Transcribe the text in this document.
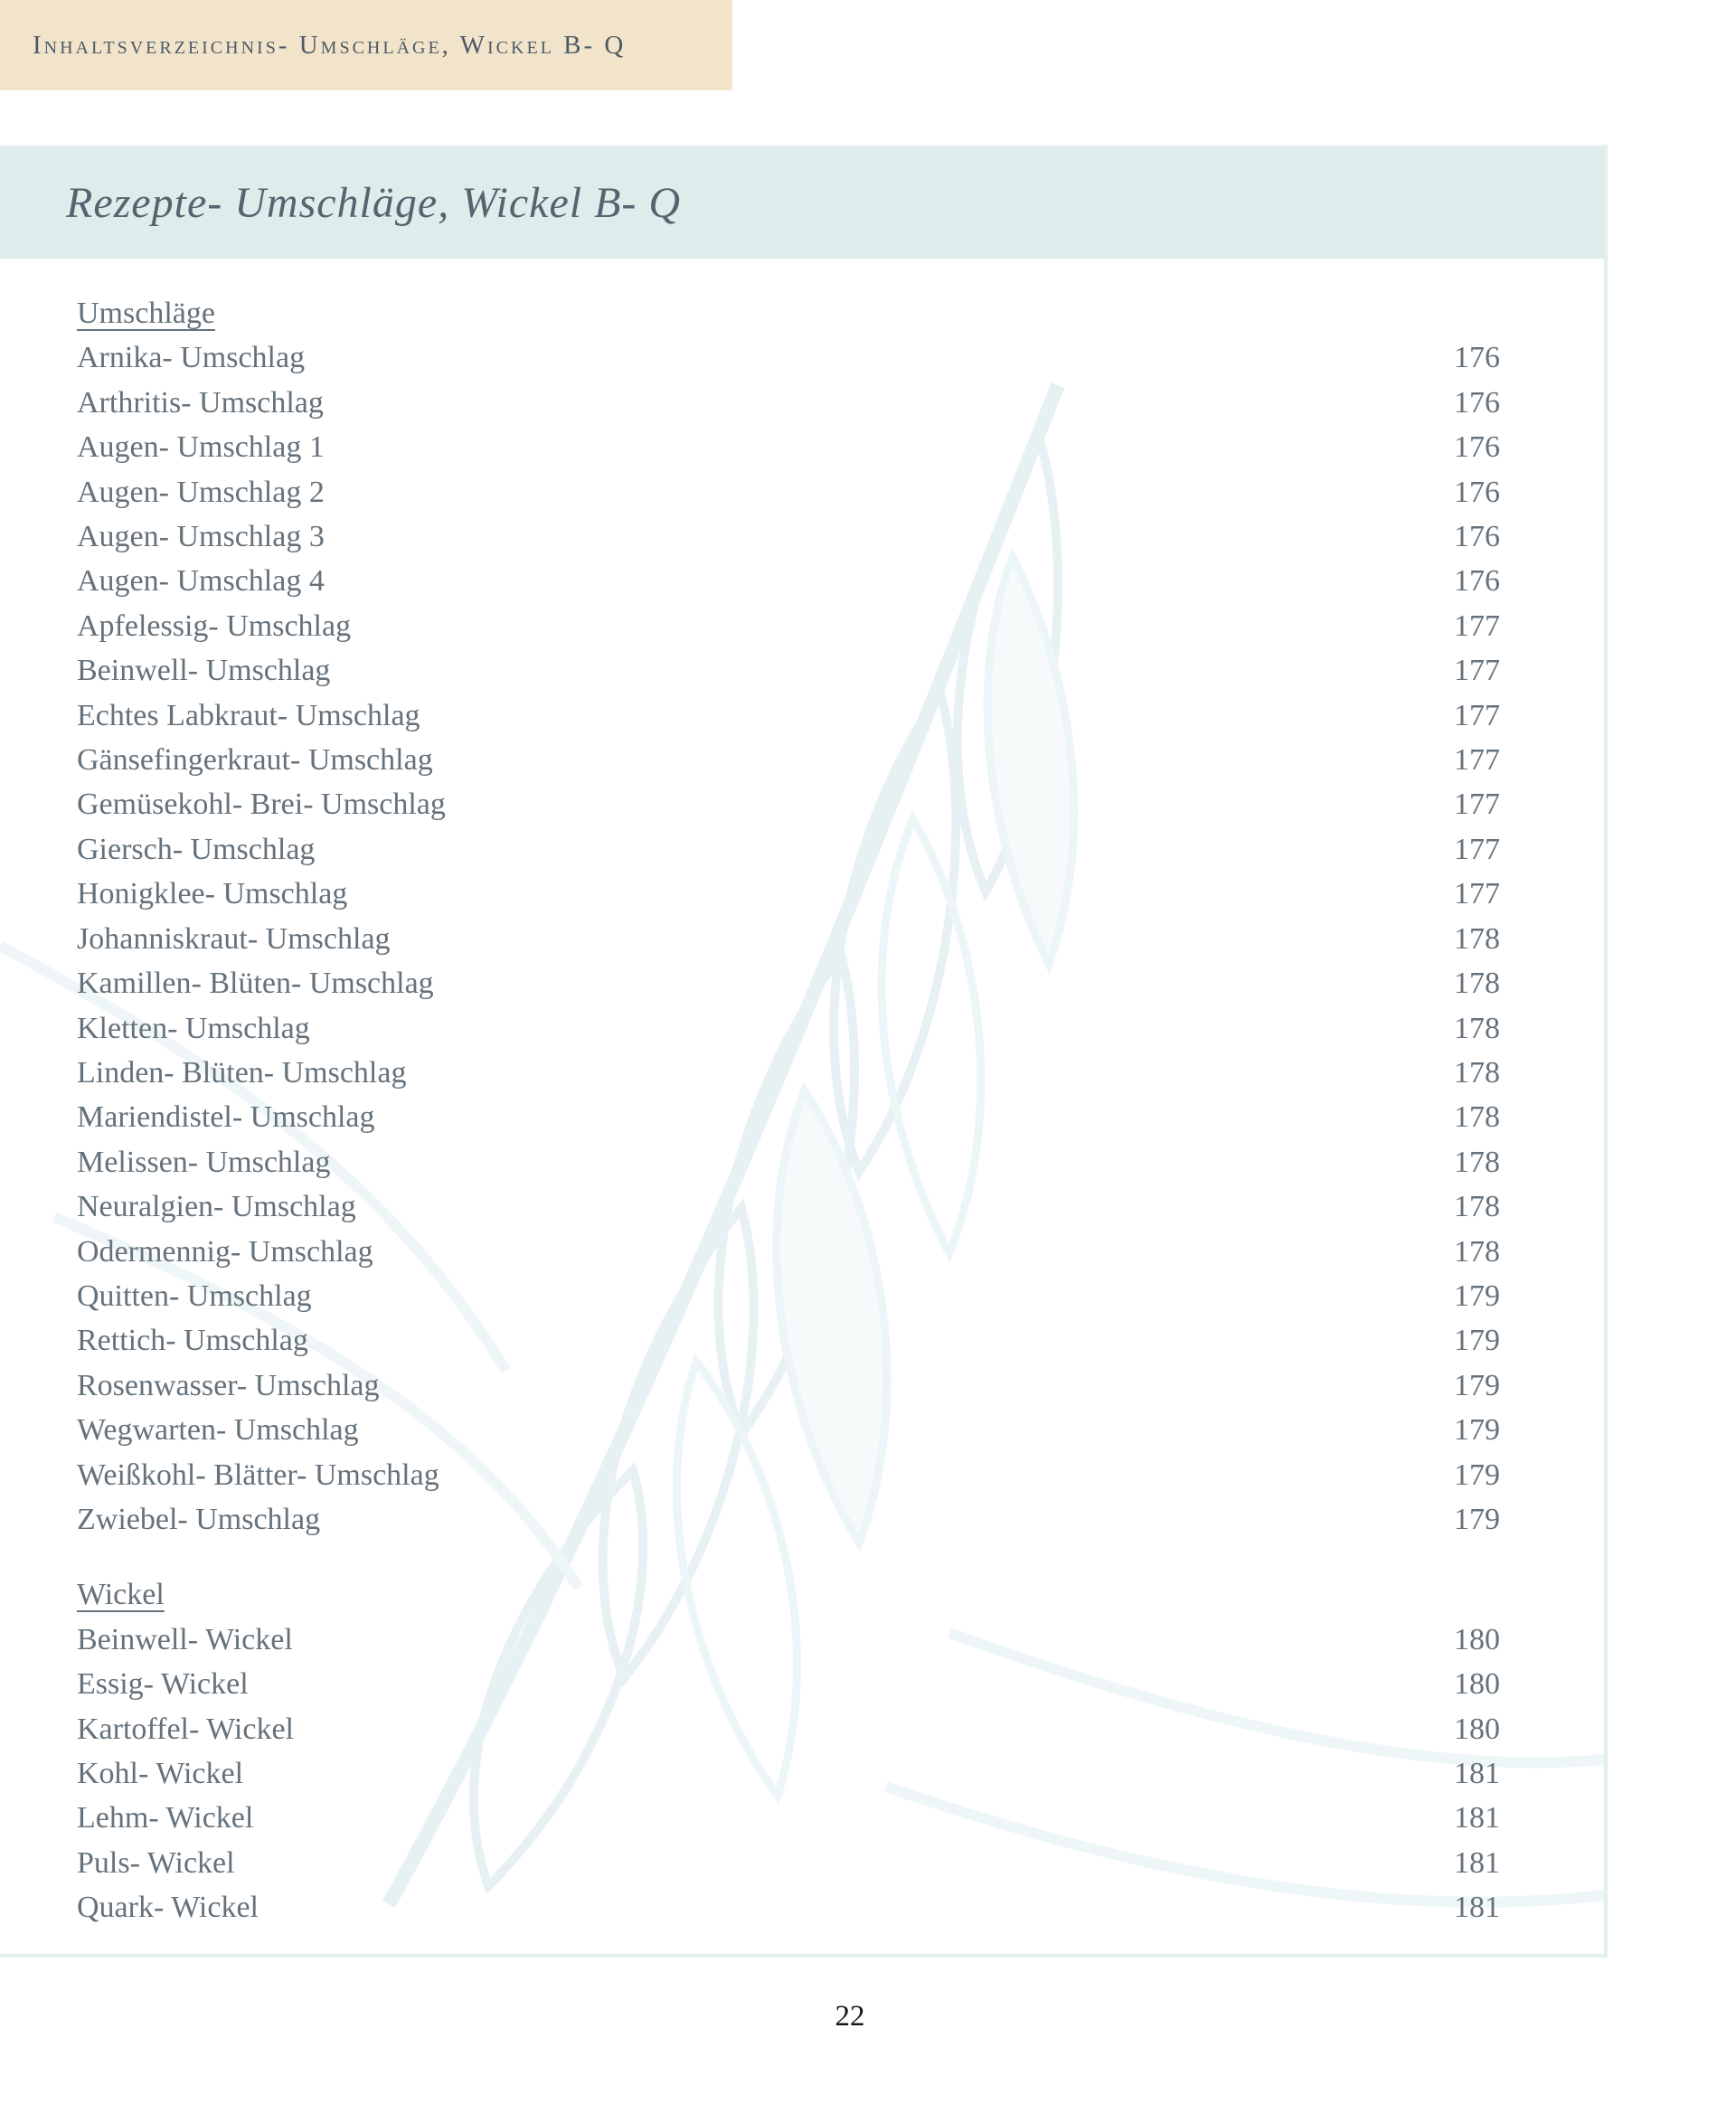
Inhaltsverzeichnis- Umschläge, Wickel B- Q
Rezepte- Umschläge, Wickel B- Q
Umschläge
Arnika- Umschlag	176
Arthritis- Umschlag	176
Augen- Umschlag 1	176
Augen- Umschlag 2	176
Augen- Umschlag 3	176
Augen- Umschlag 4	176
Apfelessig- Umschlag	177
Beinwell- Umschlag	177
Echtes Labkraut- Umschlag	177
Gänsefingerkraut- Umschlag	177
Gemüsekohl- Brei- Umschlag	177
Giersch- Umschlag	177
Honigklee- Umschlag	177
Johanniskraut- Umschlag	178
Kamillen- Blüten- Umschlag	178
Kletten- Umschlag	178
Linden- Blüten- Umschlag	178
Mariendistel- Umschlag	178
Melissen- Umschlag	178
Neuralgien- Umschlag	178
Odermennig- Umschlag	178
Quitten- Umschlag	179
Rettich- Umschlag	179
Rosenwasser- Umschlag	179
Wegwarten- Umschlag	179
Weißkohl- Blätter- Umschlag	179
Zwiebel- Umschlag	179
Wickel
Beinwell- Wickel	180
Essig- Wickel	180
Kartoffel- Wickel	180
Kohl- Wickel	181
Lehm- Wickel	181
Puls- Wickel	181
Quark- Wickel	181
22
